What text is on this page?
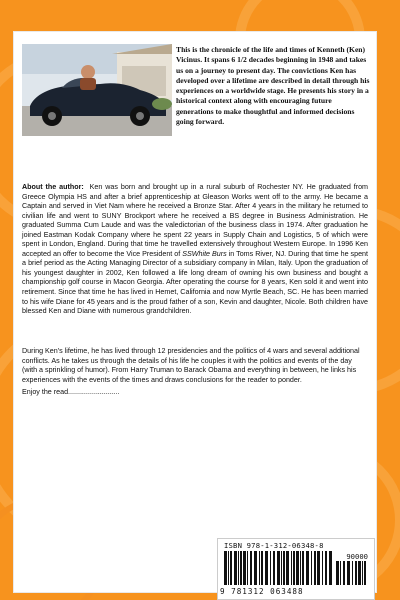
This is the chronicle of the life and times of Kenneth (Ken) Vicinus. It spans 6 1/2 decades beginning in 1948 and takes us on a journey to present day. The convictions Ken has developed over a lifetime are described in detail through his experiences on a worldwide stage. He presents his story in a historical context along with encouraging future generations to make thoughtful and informed decisions going forward.

About the author: Ken was born and brought up in a rural suburb of Rochester NY. He graduated from Greece Olympia HS and after a brief apprenticeship at Gleason Works went off to the army. He became a Captain and served in Viet Nam where he received a Bronze Star. After 4 years in the military he returned to civilian life and went to SUNY Brockport where he received a BS degree in Business Administration. He graduated Summa Cum Laude and was the valedictorian of the business class in 1974. After graduation he joined Eastman Kodak Company where he spent 22 years in Supply Chain and Logistics, 5 of which were spent in London, England. During that time he travelled extensively throughout Western Europe. In 1996 Ken accepted an offer to become the Vice President of SSWhite Burs in Toms River, NJ. During that time he spent a brief period as the Acting Managing Director of a subsidiary company in Milan, Italy. Upon the graduation of his youngest daughter in 2002, Ken followed a life long dream of owning his own business and bought a championship golf course in Macon Georgia. After operating the course for 8 years, Ken sold it and went into retirement. Since that time he has lived in Hemet, California and now Myrtle Beach, SC. He has been married to his wife Diane for 45 years and is the proud father of a son, Kevin and daughter, Nicole. Both children have blessed Ken and Diane with numerous grandchildren.

During Ken's lifetime, he has lived through 12 presidencies and the politics of 4 wars and several additional conflicts. As he takes us through the details of his life he couples it with the politics and events of the day (with a sprinkling of humor). From Harry Truman to Barack Obama and everything in between, he links his experiences with the events of the times and draws conclusions for the reader to ponder.

Enjoy the read..........................

ISBN 978-1-312-06348-8
90000
9 781312 063488
